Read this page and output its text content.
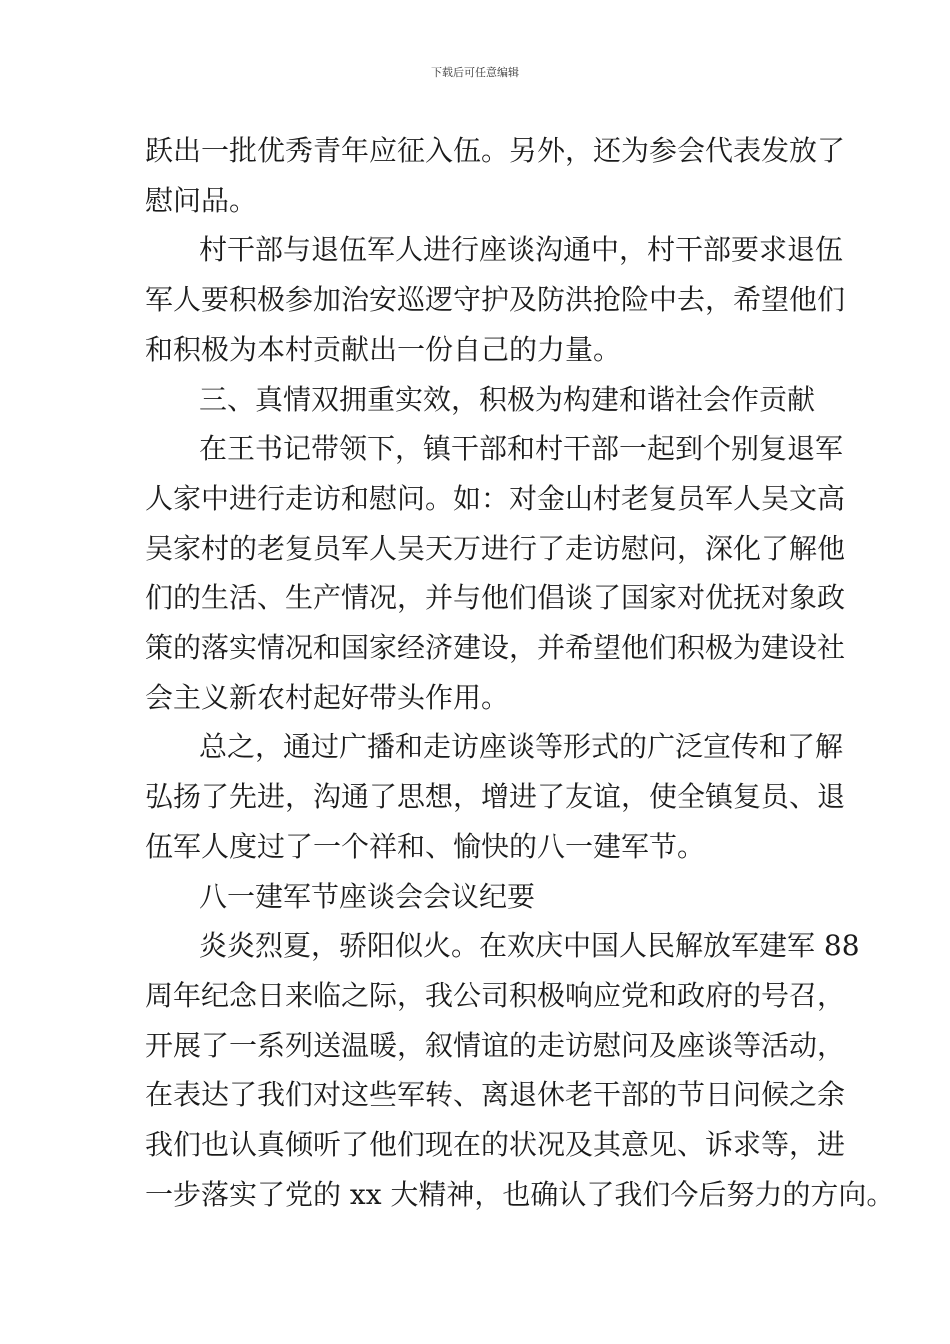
下载后可任意编辑

跃出一批优秀青年应征入伍。另外，还为参会代表发放了
慰问品。

村干部与退伍军人进行座谈沟通中，村干部要求退伍
军人要积极参加治安巡逻守护及防洪抢险中去，希望他们
和积极为本村贡献出一份自己的力量。

三、真情双拥重实效，积极为构建和谐社会作贡献

在王书记带领下，镇干部和村干部一起到个别复退军
人家中进行走访和慰问。如：对金山村老复员军人吴文高
吴家村的老复员军人吴天万进行了走访慰问，深化了解他
们的生活、生产情况，并与他们倡谈了国家对优抚对象政
策的落实情况和国家经济建设，并希望他们积极为建设社
会主义新农村起好带头作用。

总之，通过广播和走访座谈等形式的广泛宣传和了解
弘扬了先进，沟通了思想，增进了友谊，使全镇复员、退
伍军人度过了一个祥和、愉快的八一建军节。

八一建军节座谈会会议纪要

炎炎烈夏，骄阳似火。在欢庆中国人民解放军建军 88
周年纪念日来临之际，我公司积极响应党和政府的号召，
开展了一系列送温暖，叙情谊的走访慰问及座谈等活动，
在表达了我们对这些军转、离退休老干部的节日问候之余
我们也认真倾听了他们现在的状况及其意见、诉求等，进
一步落实了党的 xx 大精神，也确认了我们今后努力的方向。
